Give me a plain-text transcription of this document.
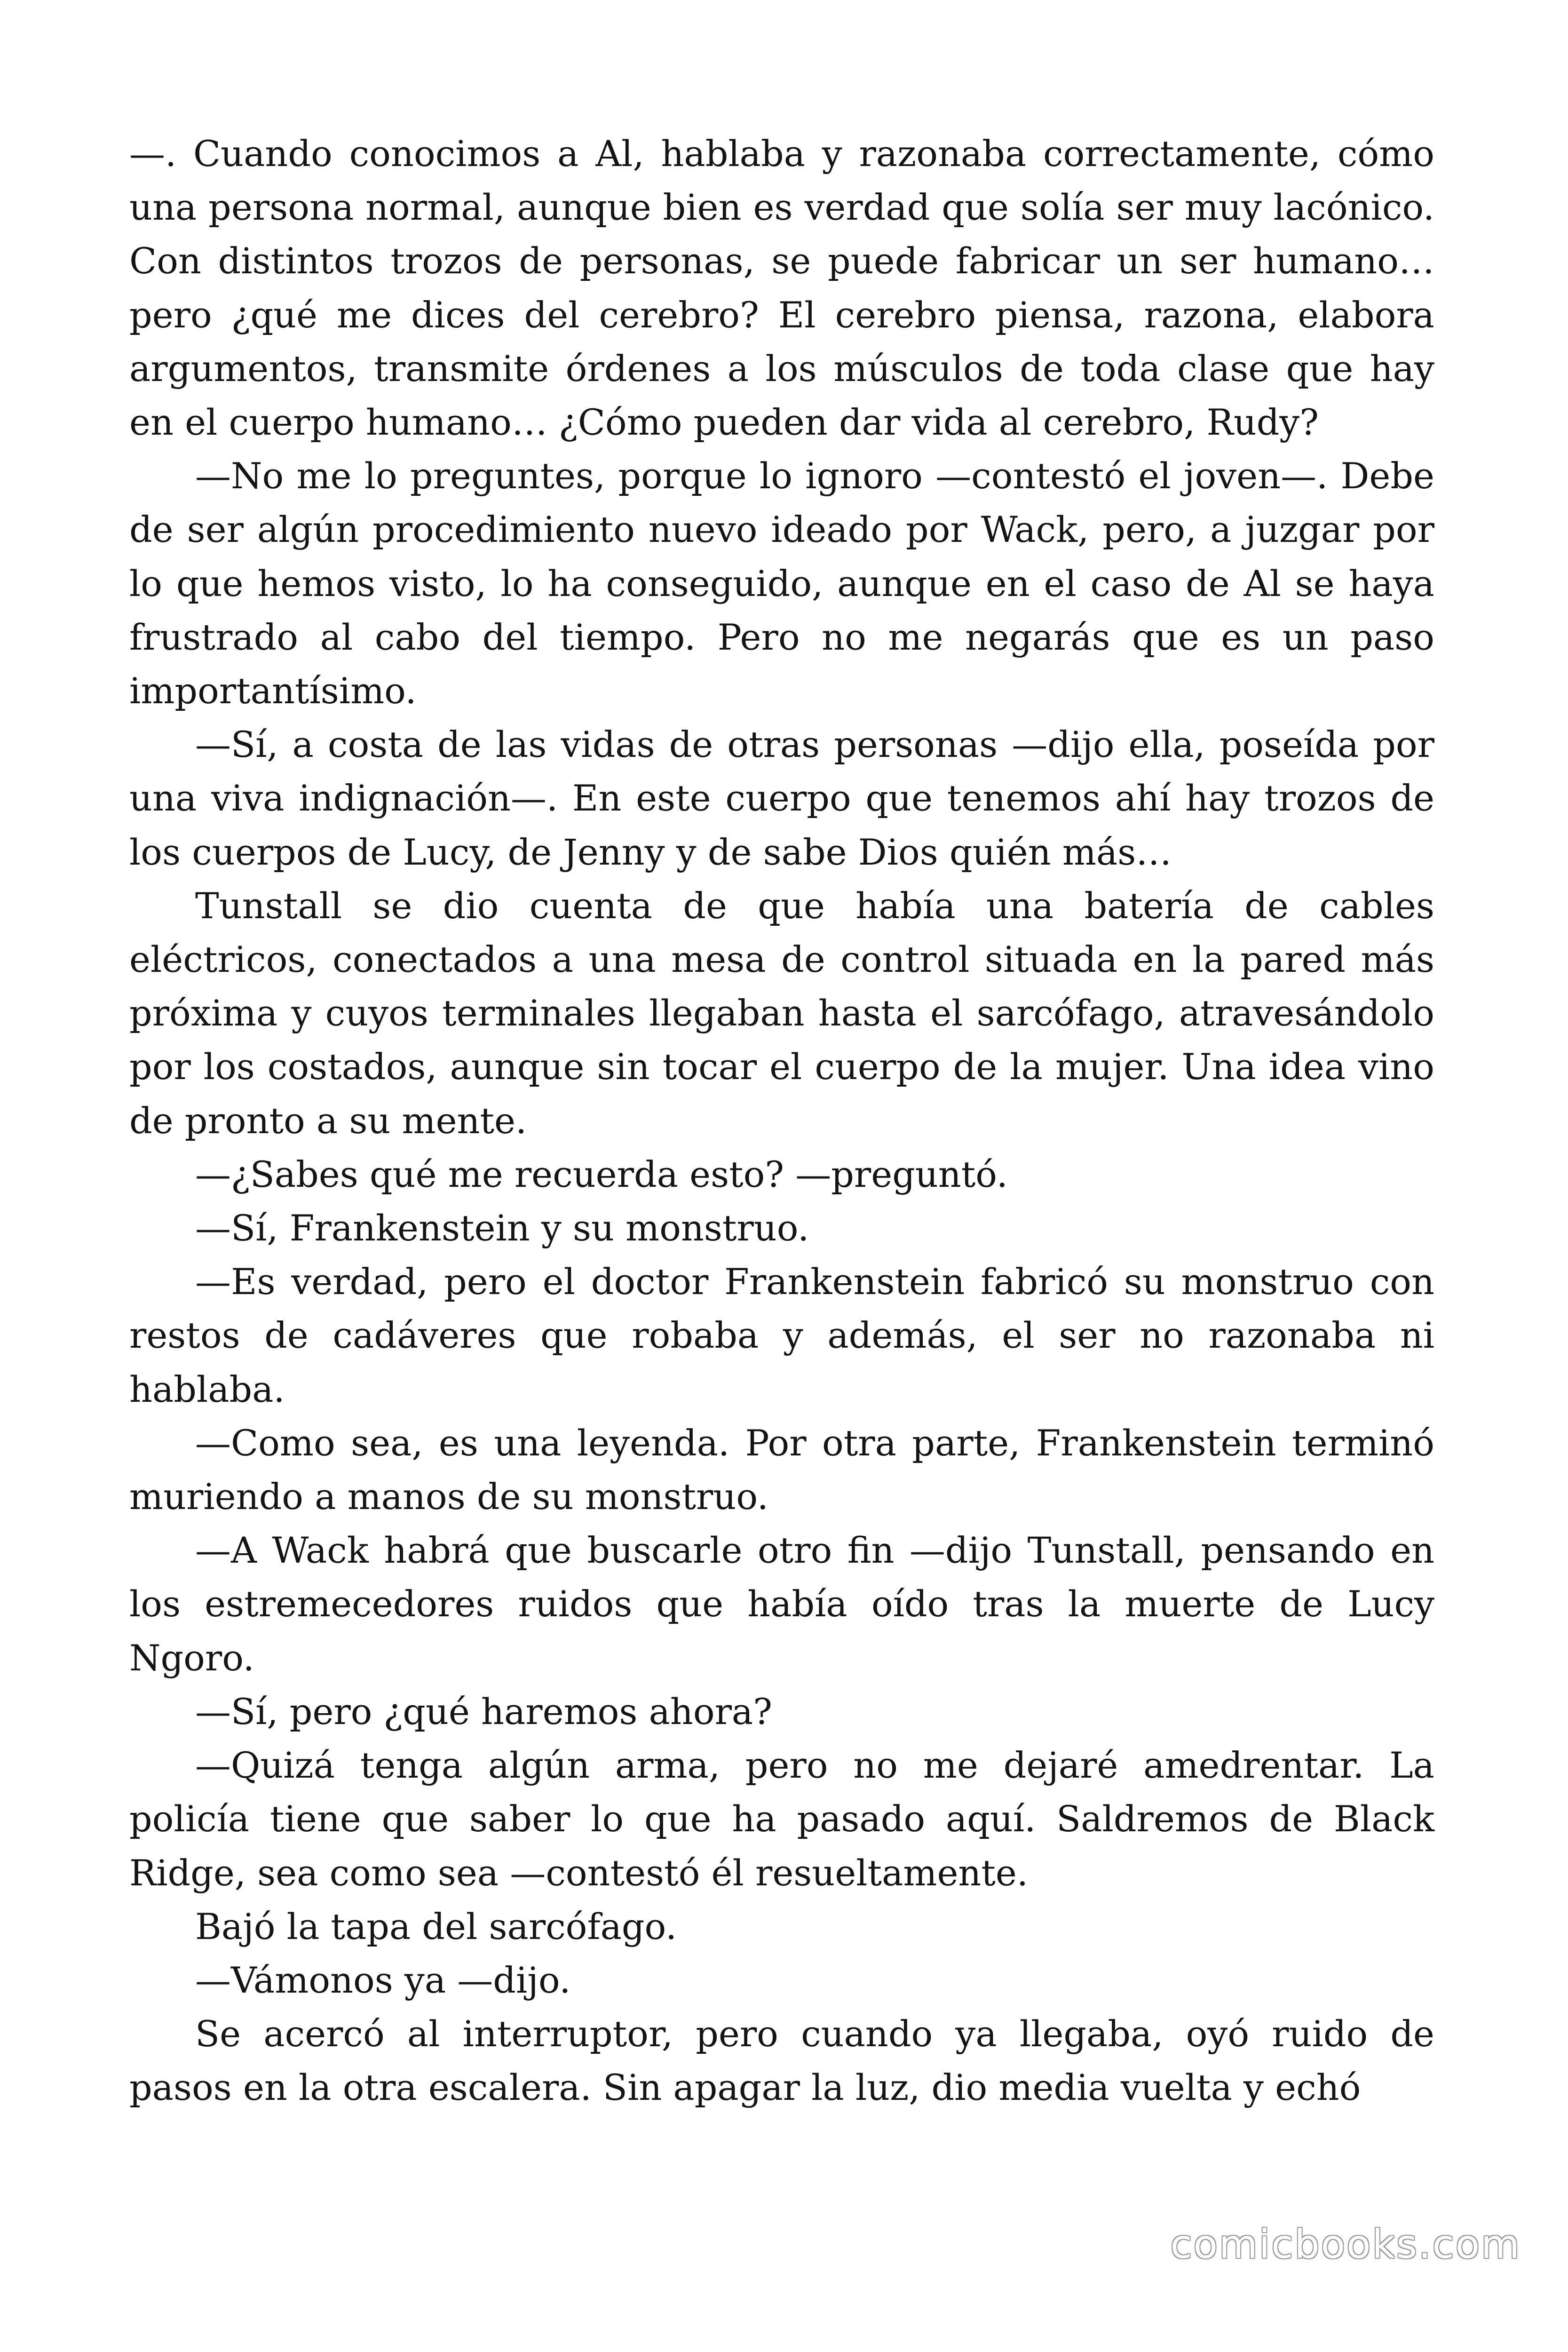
—. Cuando conocimos a Al, hablaba y razonaba correctamente, cómo una persona normal, aunque bien es verdad que solía ser muy lacónico. Con distintos trozos de personas, se puede fabricar un ser humano… pero ¿qué me dices del cerebro? El cerebro piensa, razona, elabora argumentos, transmite órdenes a los músculos de toda clase que hay en el cuerpo humano… ¿Cómo pueden dar vida al cerebro, Rudy?

—No me lo preguntes, porque lo ignoro —contestó el joven—. Debe de ser algún procedimiento nuevo ideado por Wack, pero, a juzgar por lo que hemos visto, lo ha conseguido, aunque en el caso de Al se haya frustrado al cabo del tiempo. Pero no me negarás que es un paso importantísimo.

—Sí, a costa de las vidas de otras personas —dijo ella, poseída por una viva indignación—. En este cuerpo que tenemos ahí hay trozos de los cuerpos de Lucy, de Jenny y de sabe Dios quién más…

Tunstall se dio cuenta de que había una batería de cables eléctricos, conectados a una mesa de control situada en la pared más próxima y cuyos terminales llegaban hasta el sarcófago, atravesándolo por los costados, aunque sin tocar el cuerpo de la mujer. Una idea vino de pronto a su mente.

—¿Sabes qué me recuerda esto? —preguntó.

—Sí, Frankenstein y su monstruo.

—Es verdad, pero el doctor Frankenstein fabricó su monstruo con restos de cadáveres que robaba y además, el ser no razonaba ni hablaba.

—Como sea, es una leyenda. Por otra parte, Frankenstein terminó muriendo a manos de su monstruo.

—A Wack habrá que buscarle otro fin —dijo Tunstall, pensando en los estremecedores ruidos que había oído tras la muerte de Lucy Ngoro.

—Sí, pero ¿qué haremos ahora?

—Quizá tenga algún arma, pero no me dejaré amedrentar. La policía tiene que saber lo que ha pasado aquí. Saldremos de Black Ridge, sea como sea —contestó él resueltamente.

Bajó la tapa del sarcófago.

—Vámonos ya —dijo.

Se acercó al interruptor, pero cuando ya llegaba, oyó ruido de pasos en la otra escalera. Sin apagar la luz, dio media vuelta y echó

comicbooks.com
